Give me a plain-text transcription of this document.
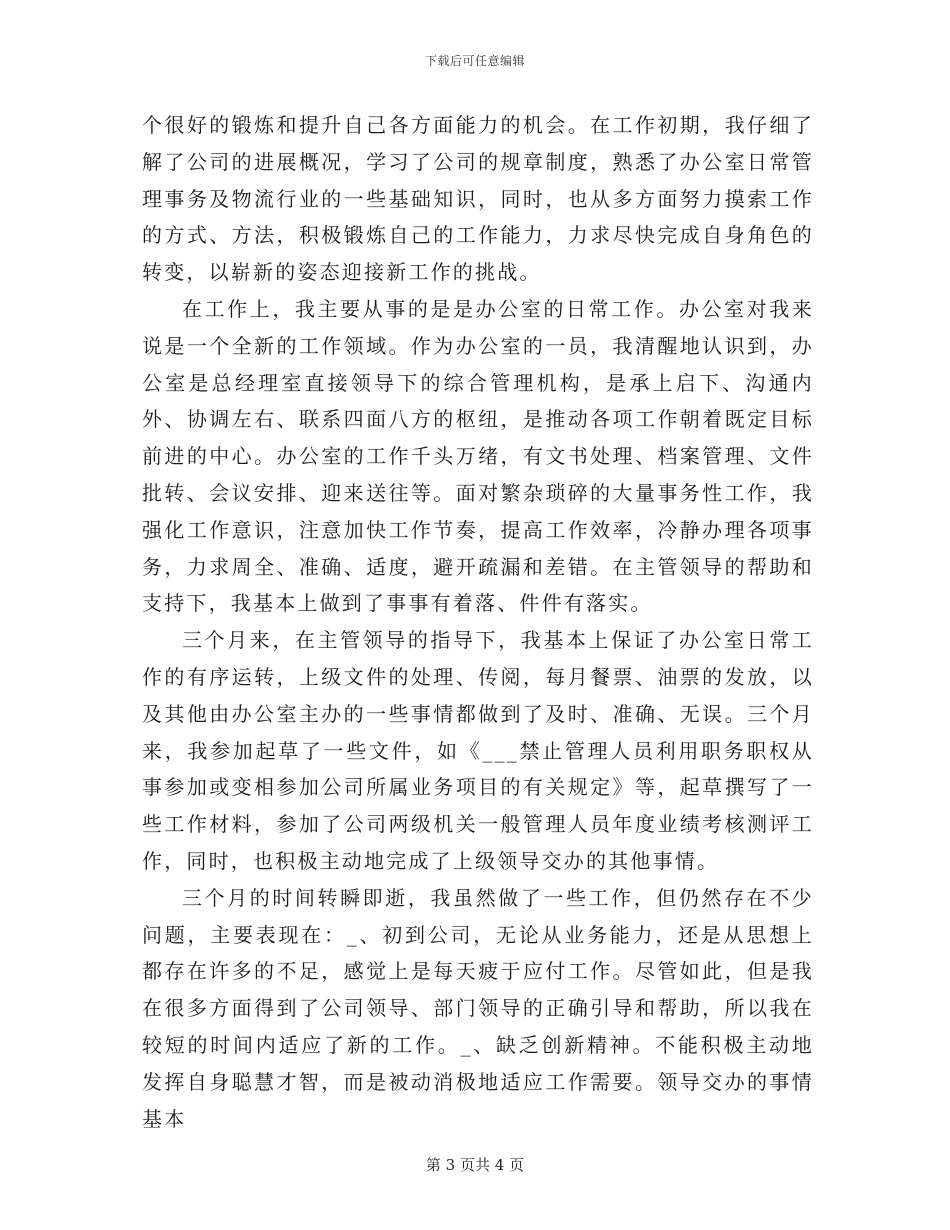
下载后可任意编辑

个很好的锻炼和提升自己各方面能力的机会。在工作初期，我仔细了解了公司的进展概况，学习了公司的规章制度，熟悉了办公室日常管理事务及物流行业的一些基础知识，同时，也从多方面努力摸索工作的方式、方法，积极锻炼自己的工作能力，力求尽快完成自身角色的转变，以崭新的姿态迎接新工作的挑战。

在工作上，我主要从事的是是办公室的日常工作。办公室对我来说是一个全新的工作领域。作为办公室的一员，我清醒地认识到，办公室是总经理室直接领导下的综合管理机构，是承上启下、沟通内外、协调左右、联系四面八方的枢纽，是推动各项工作朝着既定目标前进的中心。办公室的工作千头万绪，有文书处理、档案管理、文件批转、会议安排、迎来送往等。面对繁杂琐碎的大量事务性工作，我强化工作意识，注意加快工作节奏，提高工作效率，冷静办理各项事务，力求周全、准确、适度，避开疏漏和差错。在主管领导的帮助和支持下，我基本上做到了事事有着落、件件有落实。

三个月来，在主管领导的指导下，我基本上保证了办公室日常工作的有序运转，上级文件的处理、传阅，每月餐票、油票的发放，以及其他由办公室主办的一些事情都做到了及时、准确、无误。三个月来，我参加起草了一些文件，如《___禁止管理人员利用职务职权从事参加或变相参加公司所属业务项目的有关规定》等，起草撰写了一些工作材料，参加了公司两级机关一般管理人员年度业绩考核测评工作，同时，也积极主动地完成了上级领导交办的其他事情。

三个月的时间转瞬即逝，我虽然做了一些工作，但仍然存在不少问题，主要表现在：_、初到公司，无论从业务能力，还是从思想上都存在许多的不足，感觉上是每天疲于应付工作。尽管如此，但是我在很多方面得到了公司领导、部门领导的正确引导和帮助，所以我在较短的时间内适应了新的工作。_、缺乏创新精神。不能积极主动地发挥自身聪慧才智，而是被动消极地适应工作需要。领导交办的事情基本

第 3 页共 4 页
